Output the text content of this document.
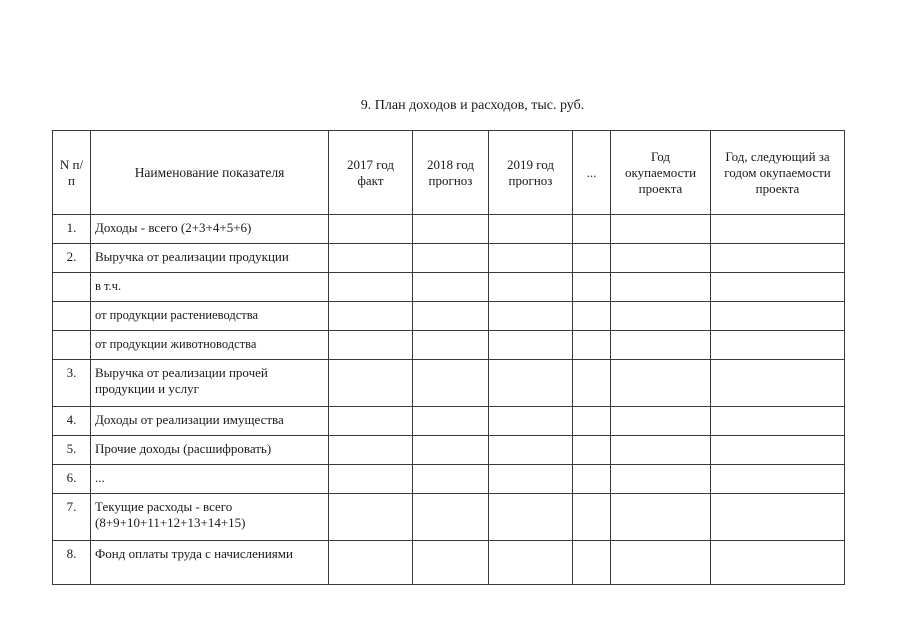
9. План доходов и расходов, тыс. руб.
N п/п	Наименование показателя	2017 год факт	2018 год прогноз	2019 год прогноз	...	Год окупаемости проекта	Год, следующий за годом окупаемости проекта
1.	Доходы - всего (2+3+4+5+6)						
2.	Выручка от реализации продукции						
	в т.ч.						
	от продукции растениеводства						
	от продукции животноводства						
3.	Выручка от реализации прочей продукции и услуг						
4.	Доходы от реализации имущества						
5.	Прочие доходы (расшифровать)						
6.	...						
7.	Текущие расходы - всего (8+9+10+11+12+13+14+15)						
8.	Фонд оплаты труда с начислениями						
